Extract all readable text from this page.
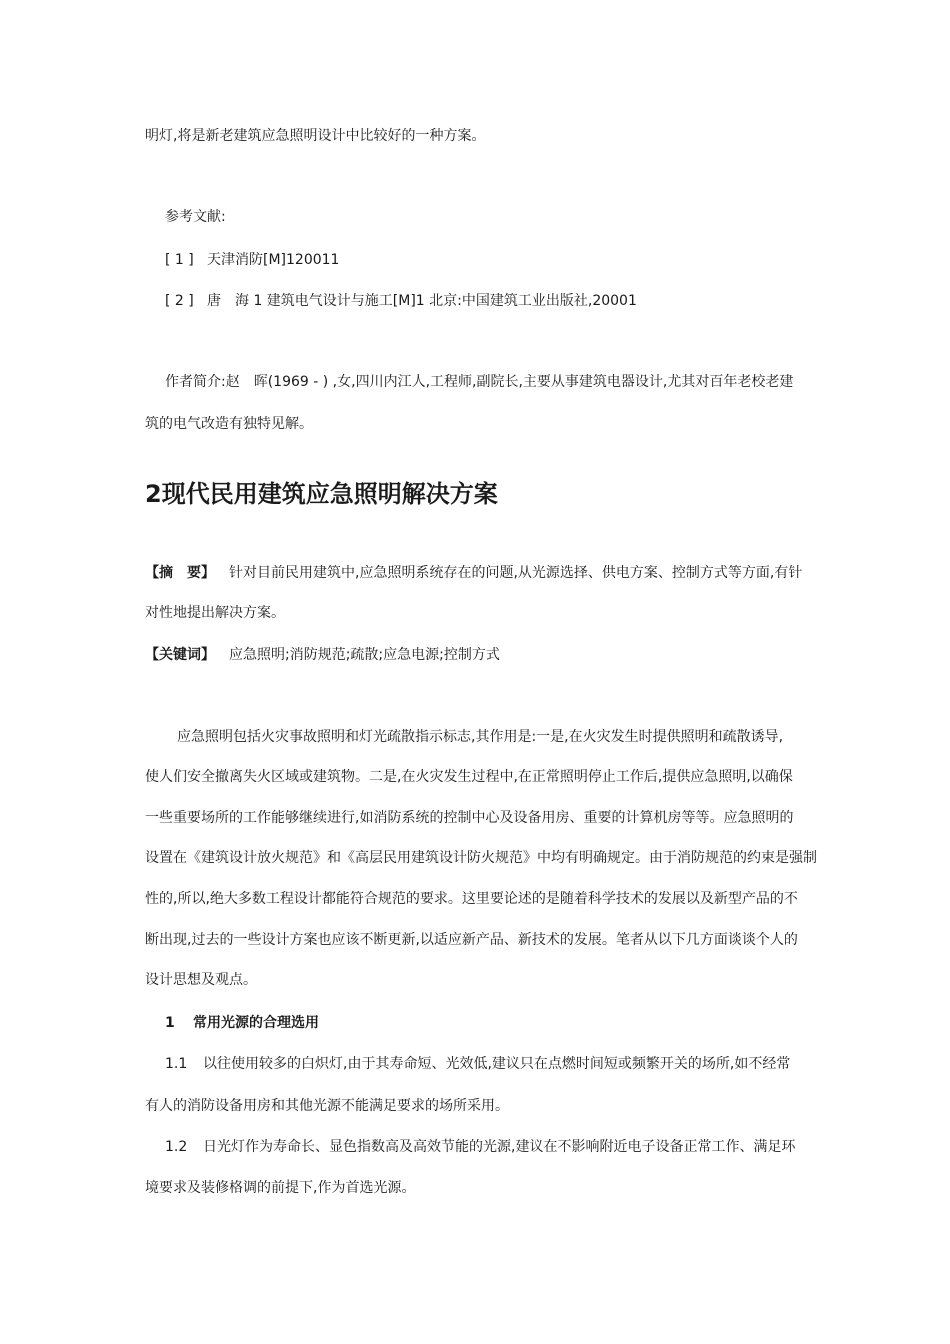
明灯,将是新老建筑应急照明设计中比较好的一种方案。
参考文献:
[ 1 ] 天津消防[M]120011
[ 2 ] 唐　海 1 建筑电气设计与施工[M]1 北京:中国建筑工业出版社,20001
作者简介:赵　晖(1969 - ) ,女,四川内江人,工程师,副院长,主要从事建筑电器设计,尤其对百年老校老建
筑的电气改造有独特见解。
2现代民用建筑应急照明解决方案
【摘　要】 针对目前民用建筑中,应急照明系统存在的问题,从光源选择、供电方案、控制方式等方面,有针
对性地提出解决方案。
【关键词】 应急照明;消防规范;疏散;应急电源;控制方式
应急照明包括火灾事故照明和灯光疏散指示标志,其作用是:一是,在火灾发生时提供照明和疏散诱导,
使人们安全撤离失火区域或建筑物。二是,在火灾发生过程中,在正常照明停止工作后,提供应急照明,以确保
一些重要场所的工作能够继续进行,如消防系统的控制中心及设备用房、重要的计算机房等等。应急照明的
设置在《建筑设计放火规范》和《高层民用建筑设计防火规范》中均有明确规定。由于消防规范的约束是强制
性的,所以,绝大多数工程设计都能符合规范的要求。这里要论述的是随着科学技术的发展以及新型产品的不
断出现,过去的一些设计方案也应该不断更新,以适应新产品、新技术的发展。笔者从以下几方面谈谈个人的
设计思想及观点。
1 常用光源的合理选用
1.1 以往使用较多的白炽灯,由于其寿命短、光效低,建议只在点燃时间短或频繁开关的场所,如不经常
有人的消防设备用房和其他光源不能满足要求的场所采用。
1.2 日光灯作为寿命长、显色指数高及高效节能的光源,建议在不影响附近电子设备正常工作、满足环
境要求及装修格调的前提下,作为首选光源。
